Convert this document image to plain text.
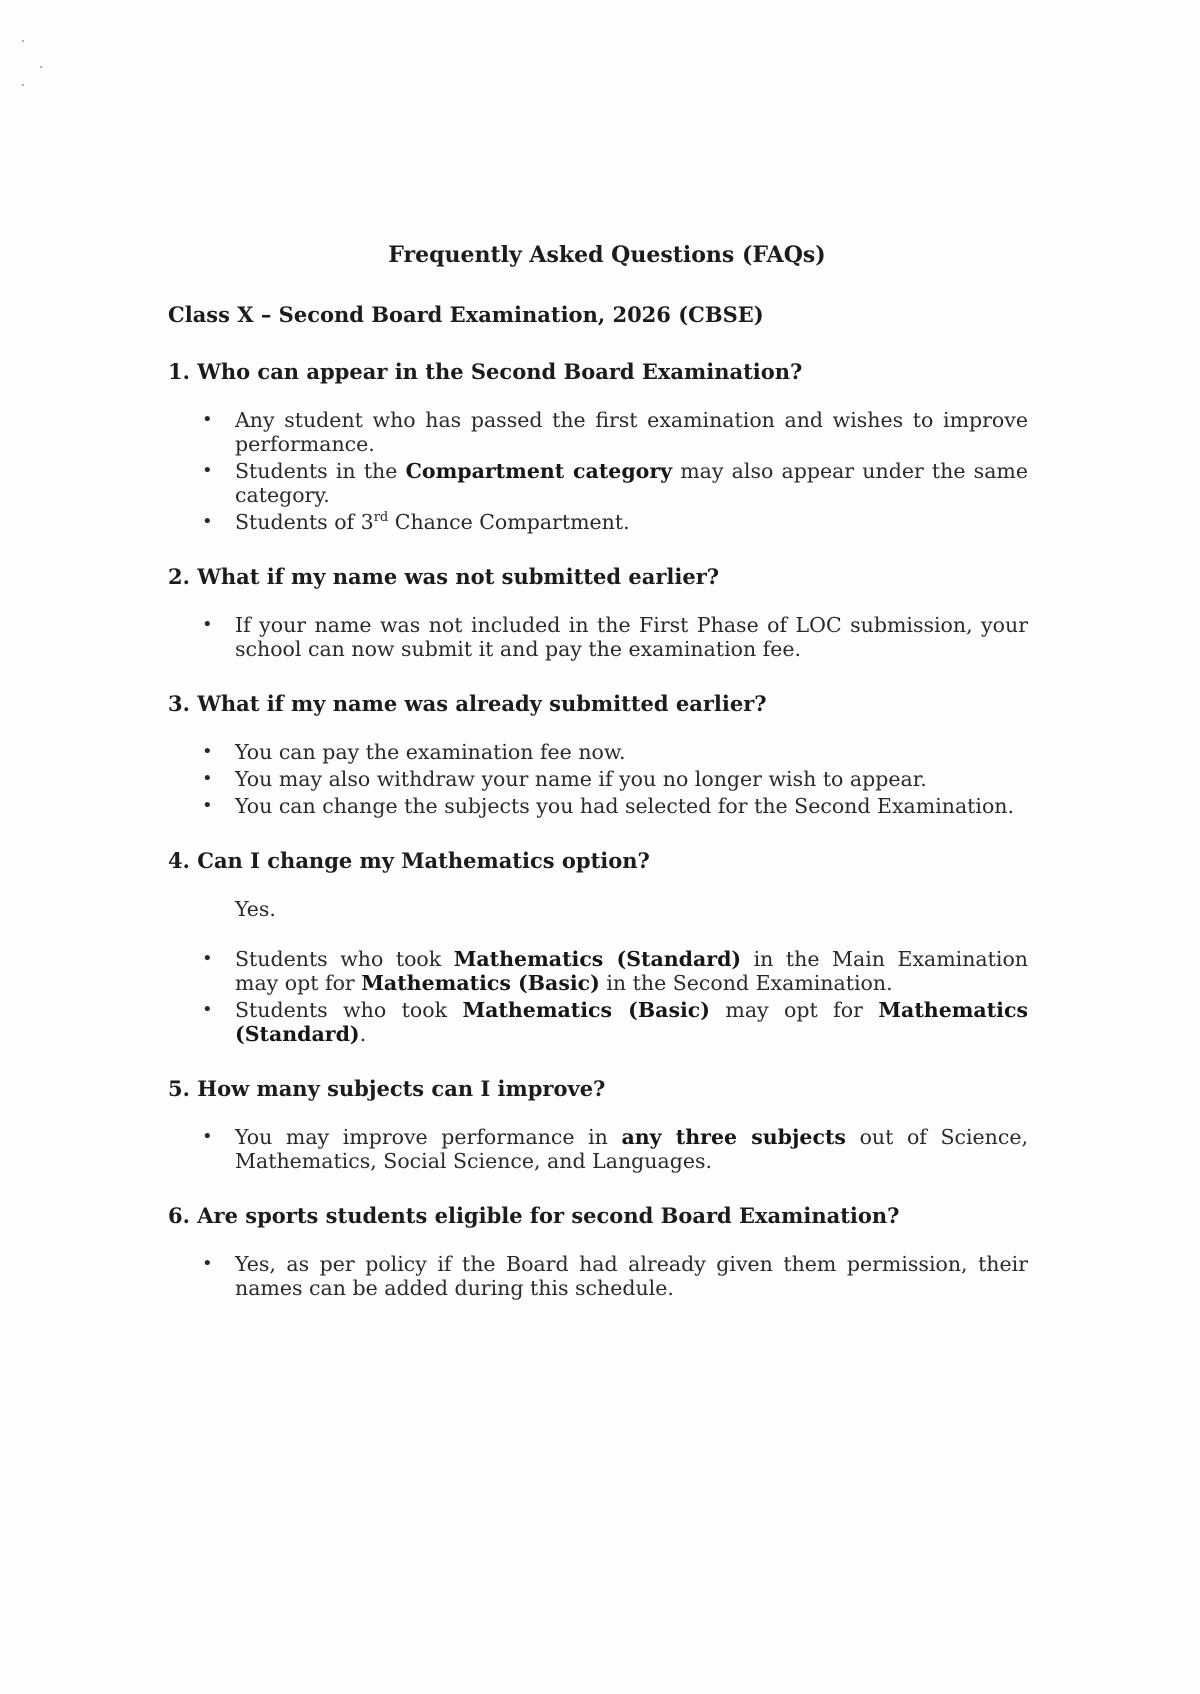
Frequently Asked Questions (FAQs)
Class X – Second Board Examination, 2026 (CBSE)
1. Who can appear in the Second Board Examination?
• Any student who has passed the first examination and wishes to improve performance.
• Students in the Compartment category may also appear under the same category.
• Students of 3rd Chance Compartment.
2. What if my name was not submitted earlier?
• If your name was not included in the First Phase of LOC submission, your school can now submit it and pay the examination fee.
3. What if my name was already submitted earlier?
• You can pay the examination fee now.
• You may also withdraw your name if you no longer wish to appear.
• You can change the subjects you had selected for the Second Examination.
4. Can I change my Mathematics option?
Yes.
• Students who took Mathematics (Standard) in the Main Examination may opt for Mathematics (Basic) in the Second Examination.
• Students who took Mathematics (Basic) may opt for Mathematics (Standard).
5. How many subjects can I improve?
• You may improve performance in any three subjects out of Science, Mathematics, Social Science, and Languages.
6. Are sports students eligible for second Board Examination?
• Yes, as per policy if the Board had already given them permission, their names can be added during this schedule.
